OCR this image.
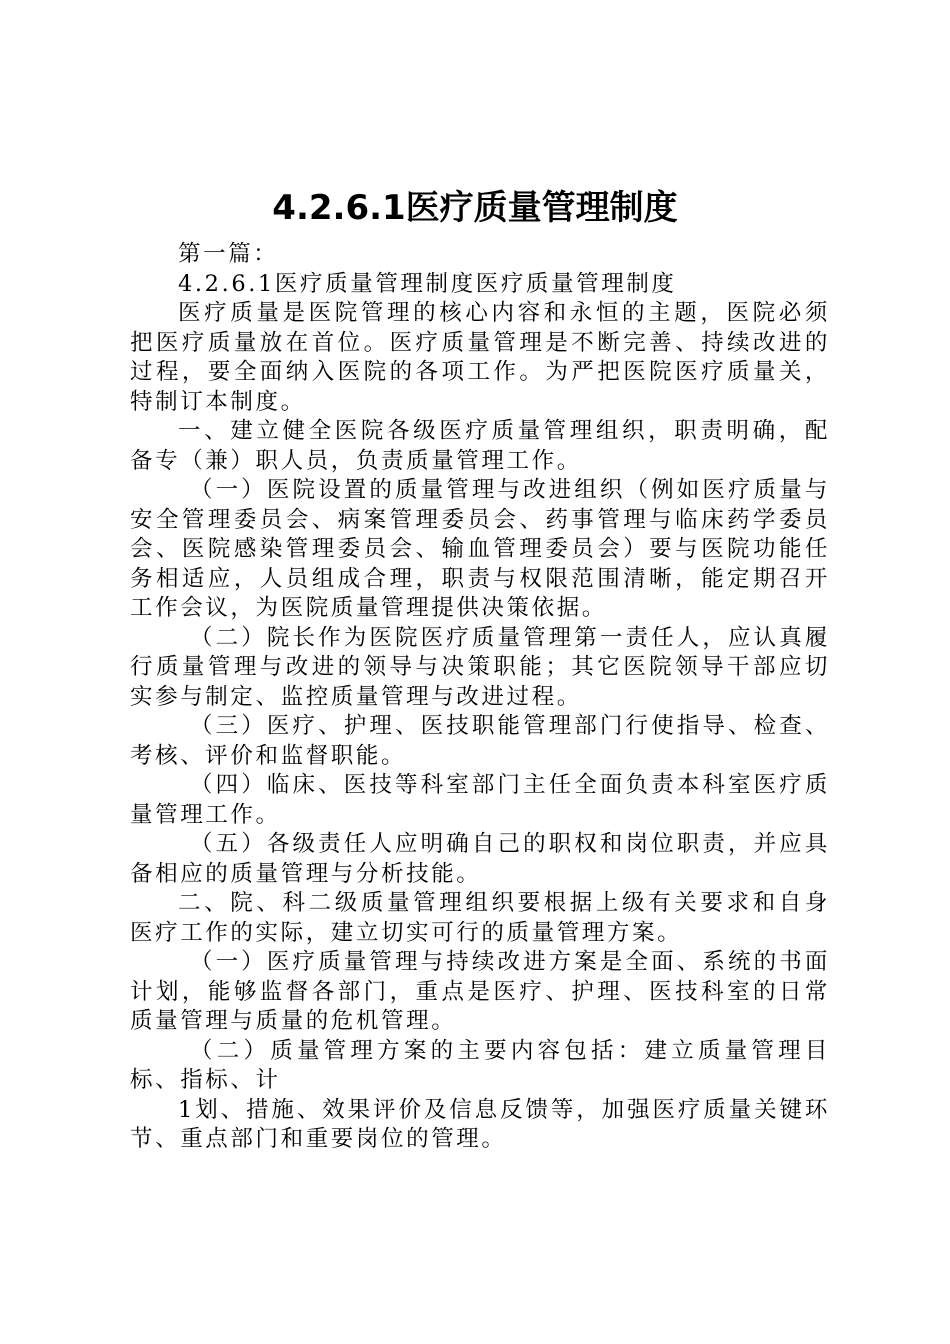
4.2.6.1医疗质量管理制度

第一篇：

4.2.6.1医疗质量管理制度医疗质量管理制度

医疗质量是医院管理的核心内容和永恒的主题，医院必须把医疗质量放在首位。医疗质量管理是不断完善、持续改进的过程，要全面纳入医院的各项工作。为严把医院医疗质量关，特制订本制度。

一、建立健全医院各级医疗质量管理组织，职责明确，配备专（兼）职人员，负责质量管理工作。

（一）医院设置的质量管理与改进组织（例如医疗质量与安全管理委员会、病案管理委员会、药事管理与临床药学委员会、医院感染管理委员会、输血管理委员会）要与医院功能任务相适应，人员组成合理，职责与权限范围清晰，能定期召开工作会议，为医院质量管理提供决策依据。

（二）院长作为医院医疗质量管理第一责任人，应认真履行质量管理与改进的领导与决策职能；其它医院领导干部应切实参与制定、监控质量管理与改进过程。

（三）医疗、护理、医技职能管理部门行使指导、检查、考核、评价和监督职能。

（四）临床、医技等科室部门主任全面负责本科室医疗质量管理工作。

（五）各级责任人应明确自己的职权和岗位职责，并应具备相应的质量管理与分析技能。

二、院、科二级质量管理组织要根据上级有关要求和自身医疗工作的实际，建立切实可行的质量管理方案。

（一）医疗质量管理与持续改进方案是全面、系统的书面计划，能够监督各部门，重点是医疗、护理、医技科室的日常质量管理与质量的危机管理。

（二）质量管理方案的主要内容包括：建立质量管理目标、指标、计

1划、措施、效果评价及信息反馈等，加强医疗质量关键环节、重点部门和重要岗位的管理。
